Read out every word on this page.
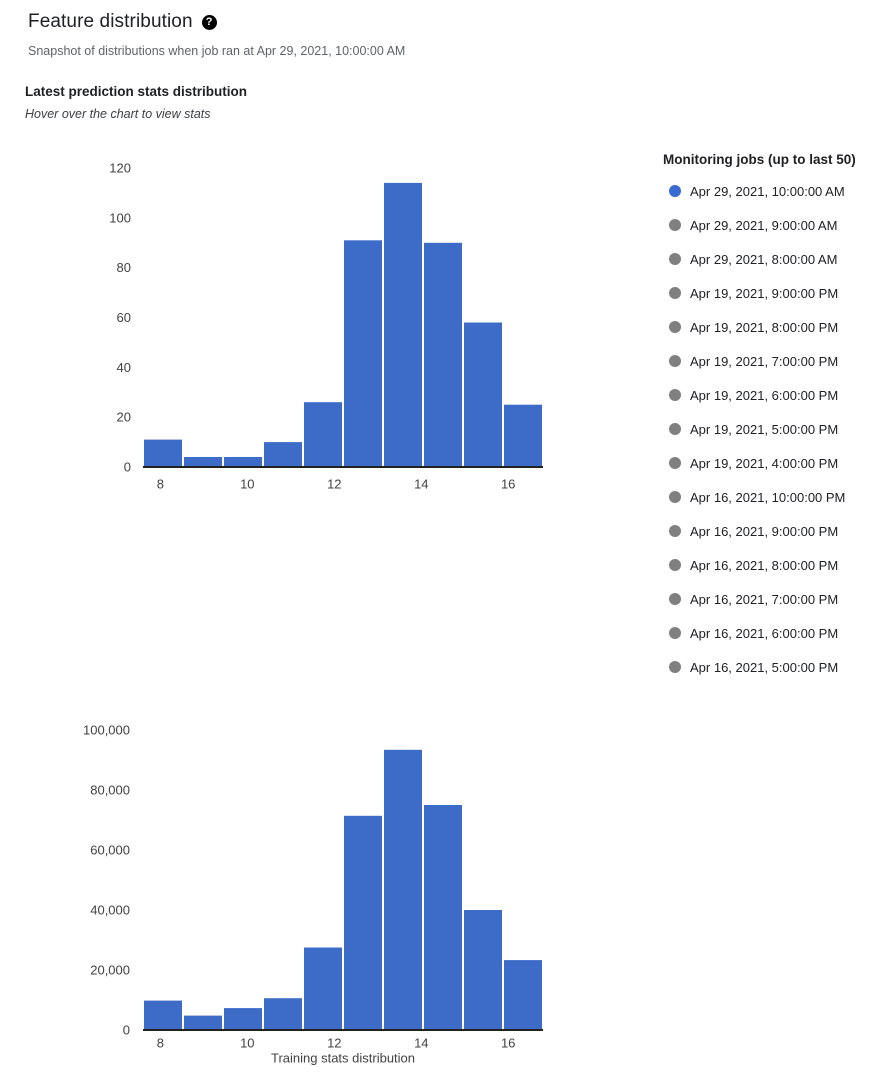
Feature distribution	?
Snapshot of distributions when job ran at Apr 29, 2021, 10:00:00 AM
Latest prediction stats distribution
Hover over the chart to view stats
0
20
40
60
80
100
120
8	10	12	14	16
Monitoring jobs (up to last 50)
Apr 29, 2021, 10:00:00 AM
Apr 29, 2021, 9:00:00 AM
Apr 29, 2021, 8:00:00 AM
Apr 19, 2021, 9:00:00 PM
Apr 19, 2021, 8:00:00 PM
Apr 19, 2021, 7:00:00 PM
Apr 19, 2021, 6:00:00 PM
Apr 19, 2021, 5:00:00 PM
Apr 19, 2021, 4:00:00 PM
Apr 16, 2021, 10:00:00 PM
Apr 16, 2021, 9:00:00 PM
Apr 16, 2021, 8:00:00 PM
Apr 16, 2021, 7:00:00 PM
Apr 16, 2021, 6:00:00 PM
Apr 16, 2021, 5:00:00 PM
0
20,000
40,000
60,000
80,000
100,000
8	10	12	14	16
Training stats distribution
